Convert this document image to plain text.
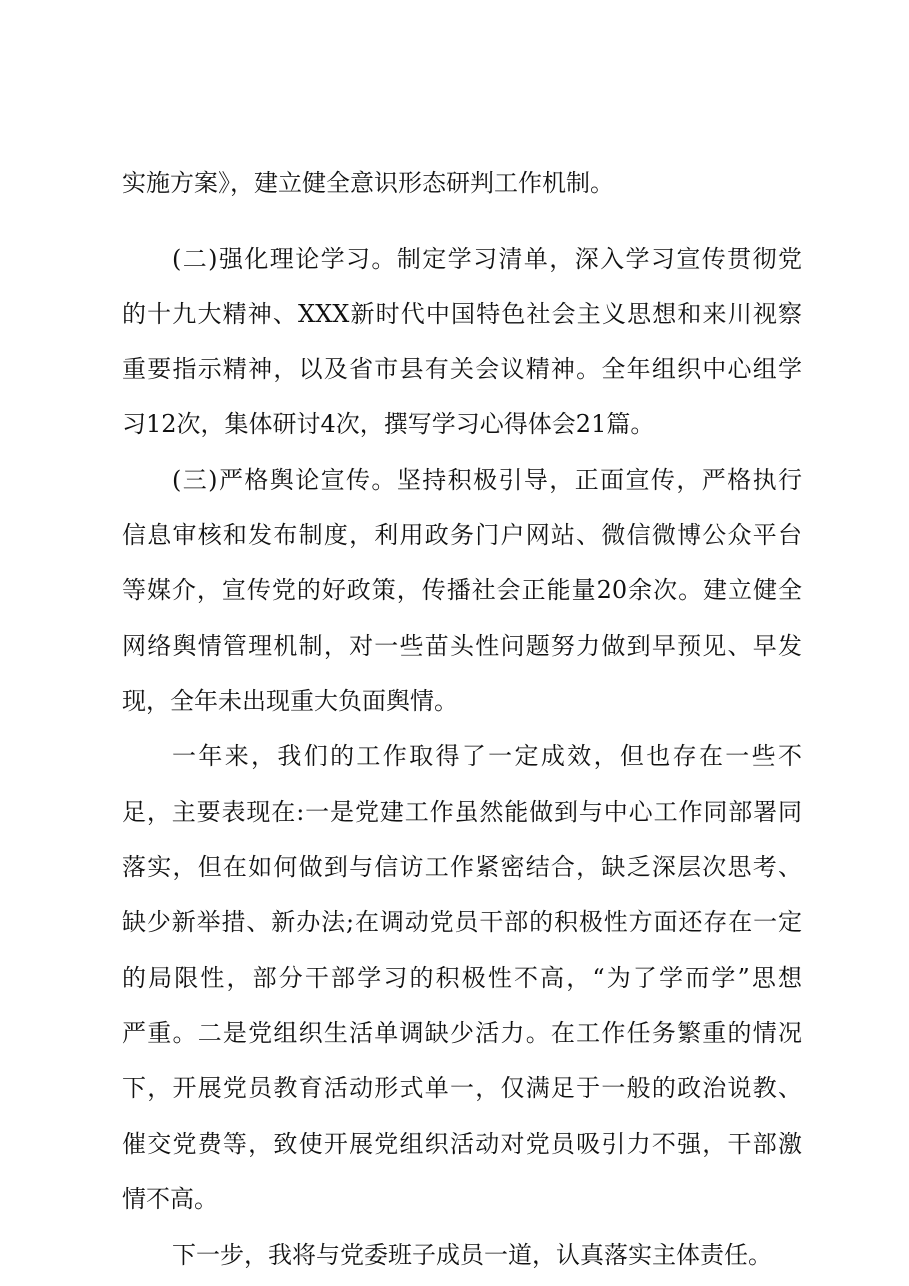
实施方案》，建立健全意识形态研判工作机制。
(二)强化理论学习。制定学习清单，深入学习宣传贯彻党
的十九大精神、XXX新时代中国特色社会主义思想和来川视察
重要指示精神，以及省市县有关会议精神。全年组织中心组学
习12次，集体研讨4次，撰写学习心得体会21篇。
(三)严格舆论宣传。坚持积极引导，正面宣传，严格执行
信息审核和发布制度，利用政务门户网站、微信微博公众平台
等媒介，宣传党的好政策，传播社会正能量20余次。建立健全
网络舆情管理机制，对一些苗头性问题努力做到早预见、早发
现，全年未出现重大负面舆情。
一年来，我们的工作取得了一定成效，但也存在一些不
足，主要表现在:一是党建工作虽然能做到与中心工作同部署同
落实，但在如何做到与信访工作紧密结合，缺乏深层次思考、
缺少新举措、新办法;在调动党员干部的积极性方面还存在一定
的局限性，部分干部学习的积极性不高，“为了学而学”思想
严重。二是党组织生活单调缺少活力。在工作任务繁重的情况
下，开展党员教育活动形式单一，仅满足于一般的政治说教、
催交党费等，致使开展党组织活动对党员吸引力不强，干部激
情不高。
下一步，我将与党委班子成员一道，认真落实主体责任。
